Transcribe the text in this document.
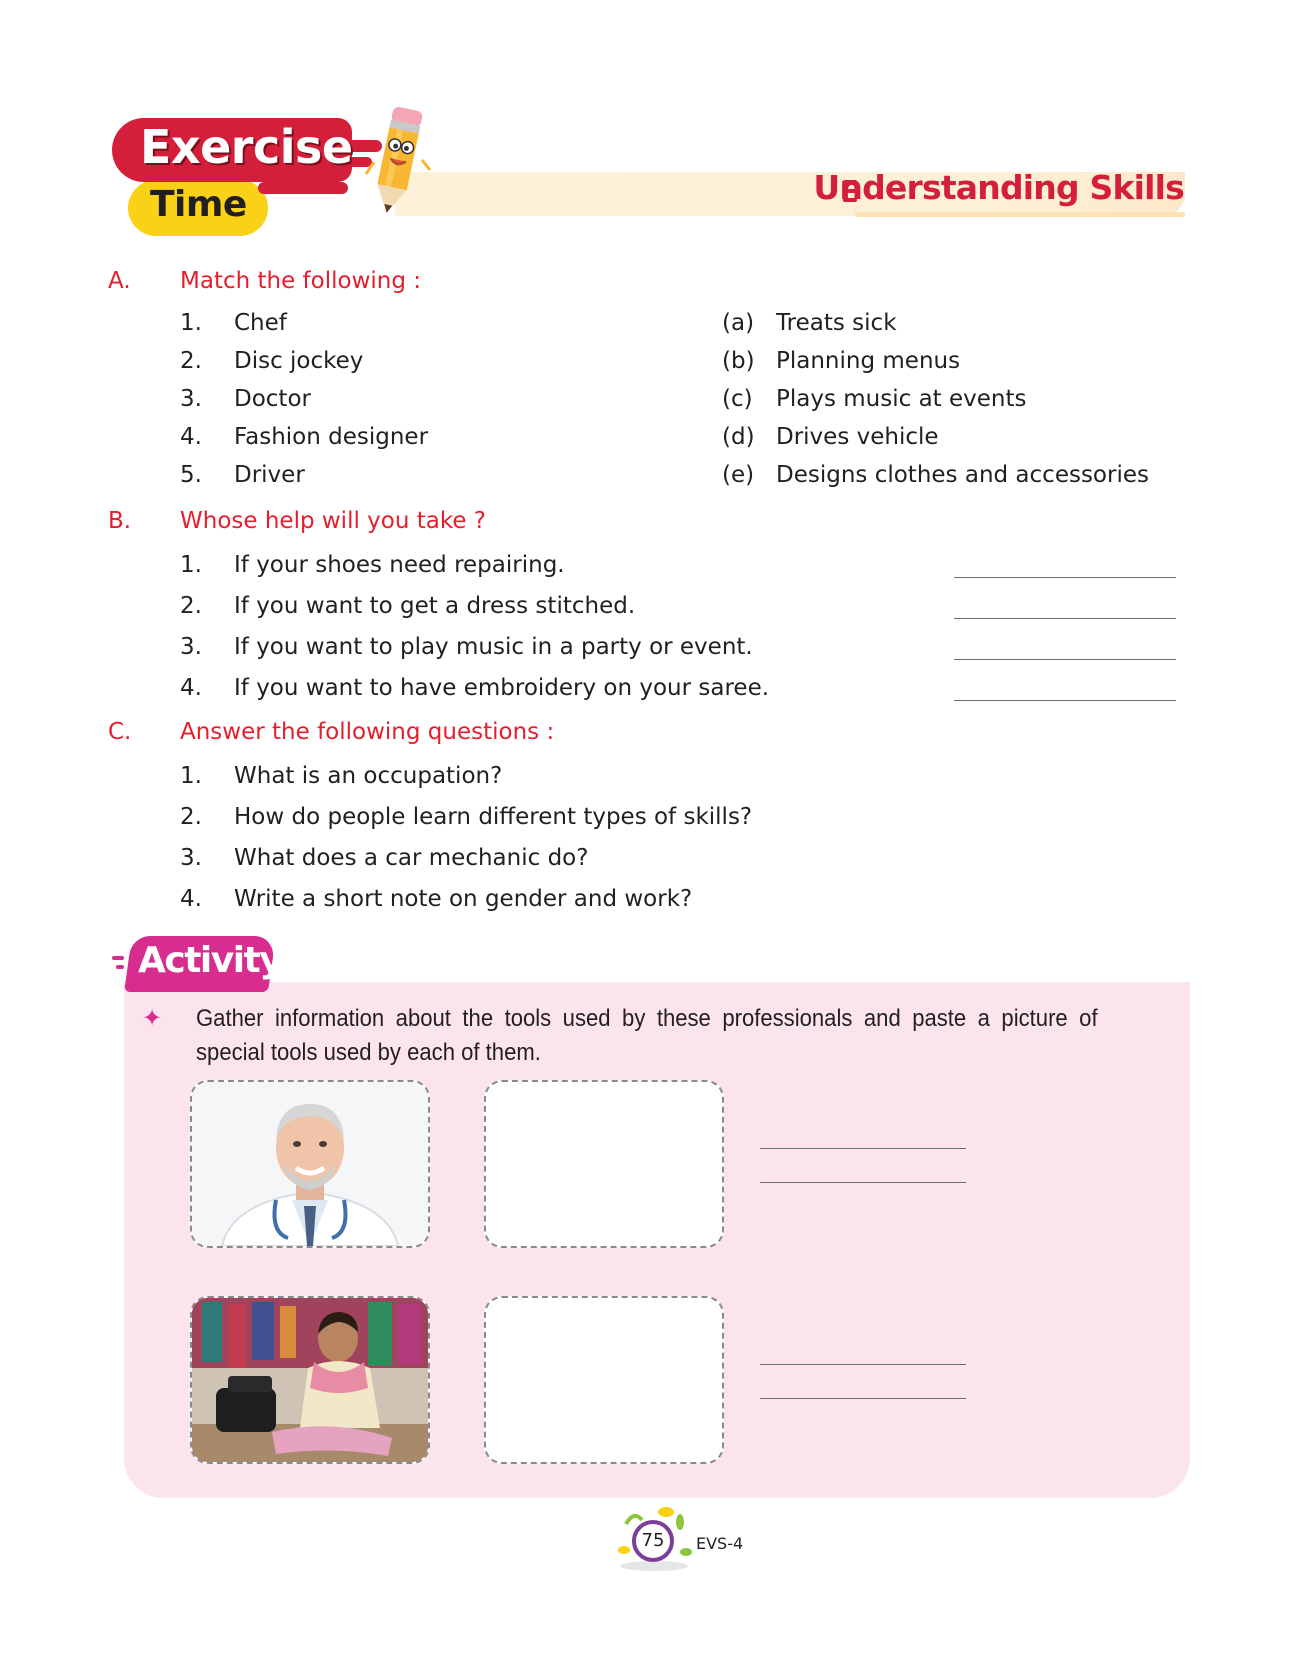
Exercise
Time	Understanding Skills
A. Match the following :
1. Chef
2. Disc jockey
3. Doctor
4. Fashion designer
5. Driver
(a) Treats sick
(b) Planning menus
(c) Plays music at events
(d) Drives vehicle
(e) Designs clothes and accessories
B. Whose help will you take ?
1. If your shoes need repairing.
2. If you want to get a dress stitched.
3. If you want to play music in a party or event.
4. If you want to have embroidery on your saree.
C. Answer the following questions :
1. What is an occupation?
2. How do people learn different types of skills?
3. What does a car mechanic do?
4. Write a short note on gender and work?
Activity
✦ Gather information about the tools used by these professionals and paste a picture of special tools used by each of them.
75	EVS-4
